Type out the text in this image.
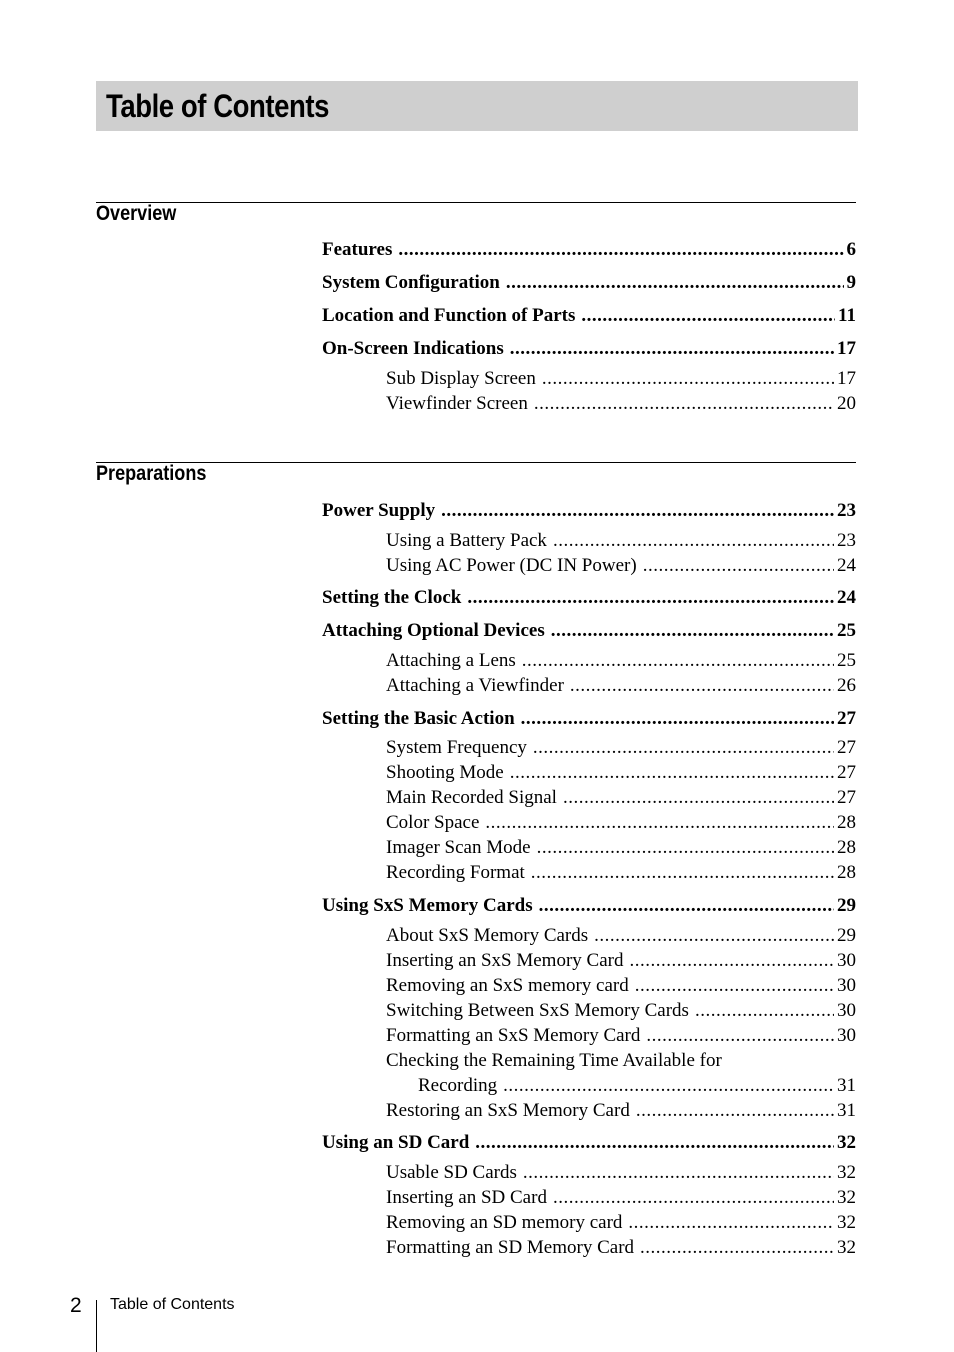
Table of Contents
Overview
Features .....	6
System Configuration .....	9
Location and Function of Parts .....	11
On-Screen Indications .....	17
Sub Display Screen .....	17
Viewfinder Screen .....	20
Preparations
Power Supply .....	23
Using a Battery Pack .....	23
Using AC Power (DC IN Power) .....	24
Setting the Clock .....	24
Attaching Optional Devices .....	25
Attaching a Lens .....	25
Attaching a Viewfinder .....	26
Setting the Basic Action .....	27
System Frequency .....	27
Shooting Mode .....	27
Main Recorded Signal .....	27
Color Space .....	28
Imager Scan Mode .....	28
Recording Format .....	28
Using SxS Memory Cards .....	29
About SxS Memory Cards .....	29
Inserting an SxS Memory Card .....	30
Removing an SxS memory card .....	30
Switching Between SxS Memory Cards .....	30
Formatting an SxS Memory Card .....	30
Checking the Remaining Time Available for
Recording .....	31
Restoring an SxS Memory Card .....	31
Using an SD Card .....	32
Usable SD Cards .....	32
Inserting an SD Card .....	32
Removing an SD memory card .....	32
Formatting an SD Memory Card .....	32
2 Table of Contents
